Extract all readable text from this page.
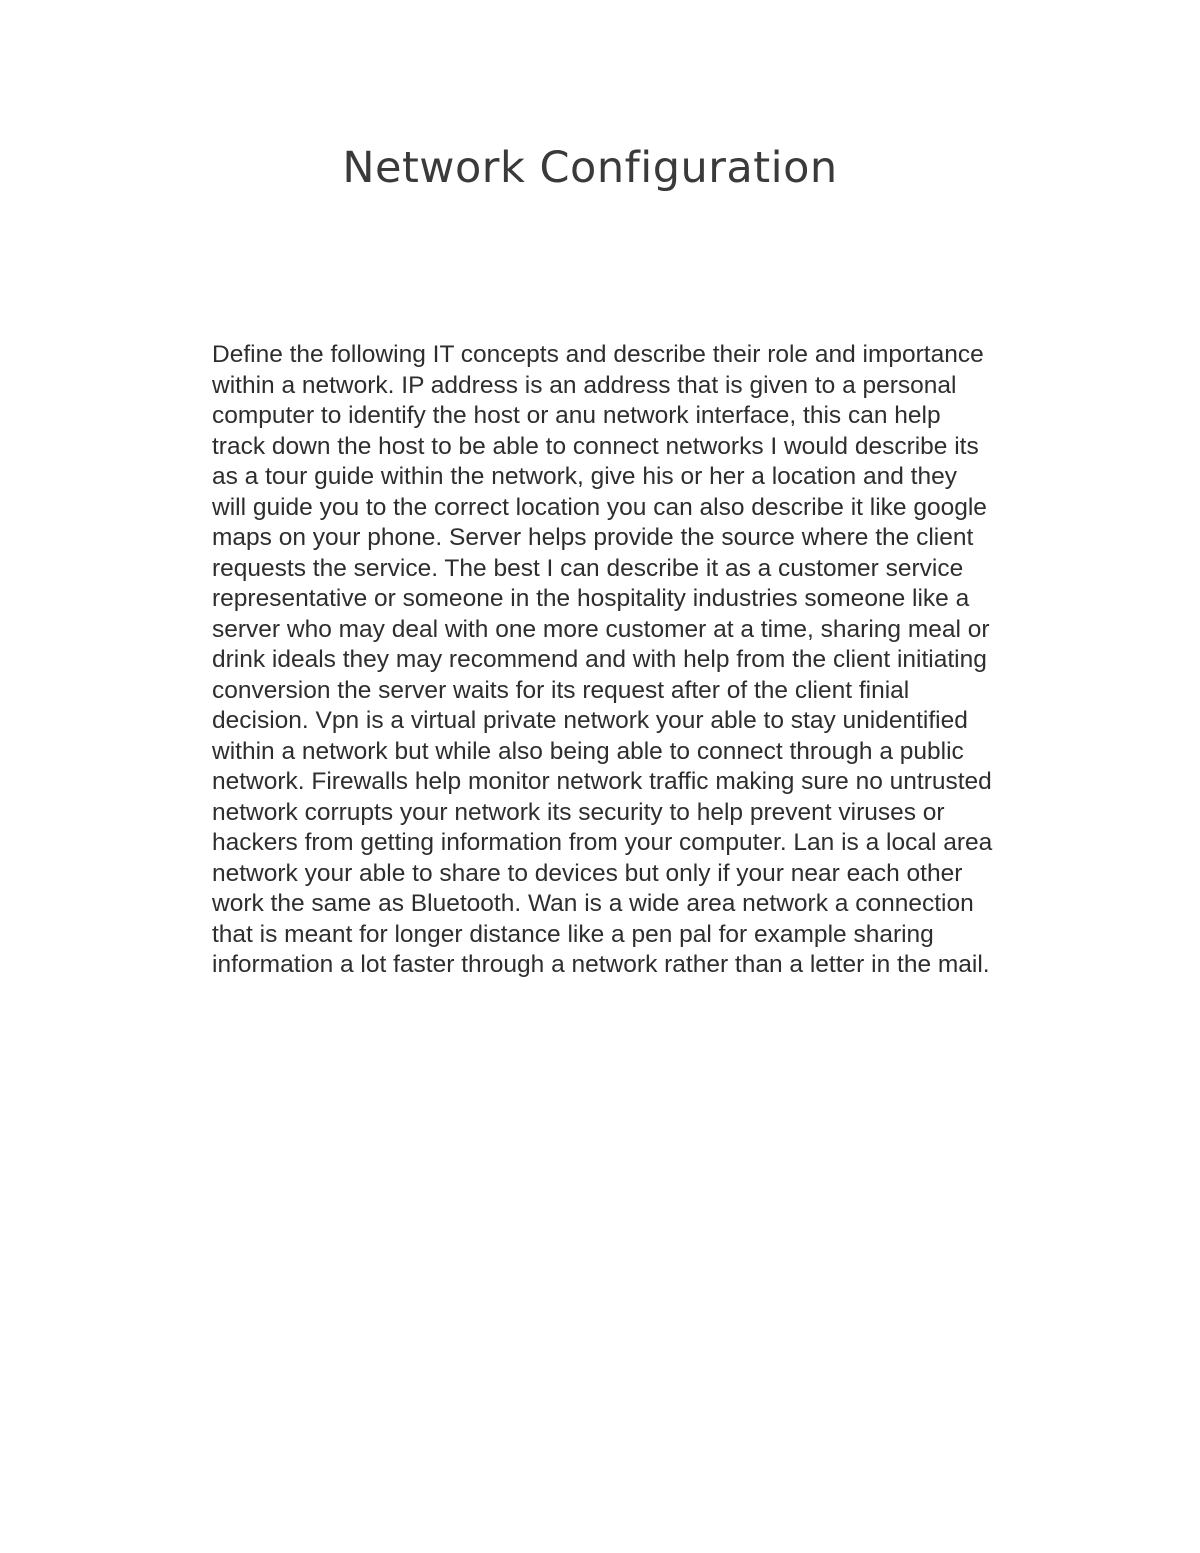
Network Configuration
Define the following IT concepts and describe their role and importance
within a network. IP address is an address that is given to a personal
computer to identify the host or anu network interface, this can help
track down the host to be able to connect networks I would describe its
as a tour guide within the network, give his or her a location and they
will guide you to the correct location you can also describe it like google
maps on your phone. Server helps provide the source where the client
requests the service. The best I can describe it as a customer service
representative or someone in the hospitality industries someone like a
server who may deal with one more customer at a time, sharing meal or
drink ideals they may recommend and with help from the client initiating
conversion the server waits for its request after of the client finial
decision. Vpn is a virtual private network your able to stay unidentified
within a network but while also being able to connect through a public
network. Firewalls help monitor network traffic making sure no untrusted
network corrupts your network its security to help prevent viruses or
hackers from getting information from your computer. Lan is a local area
network your able to share to devices but only if your near each other
work the same as Bluetooth. Wan is a wide area network a connection
that is meant for longer distance like a pen pal for example sharing
information a lot faster through a network rather than a letter in the mail.
